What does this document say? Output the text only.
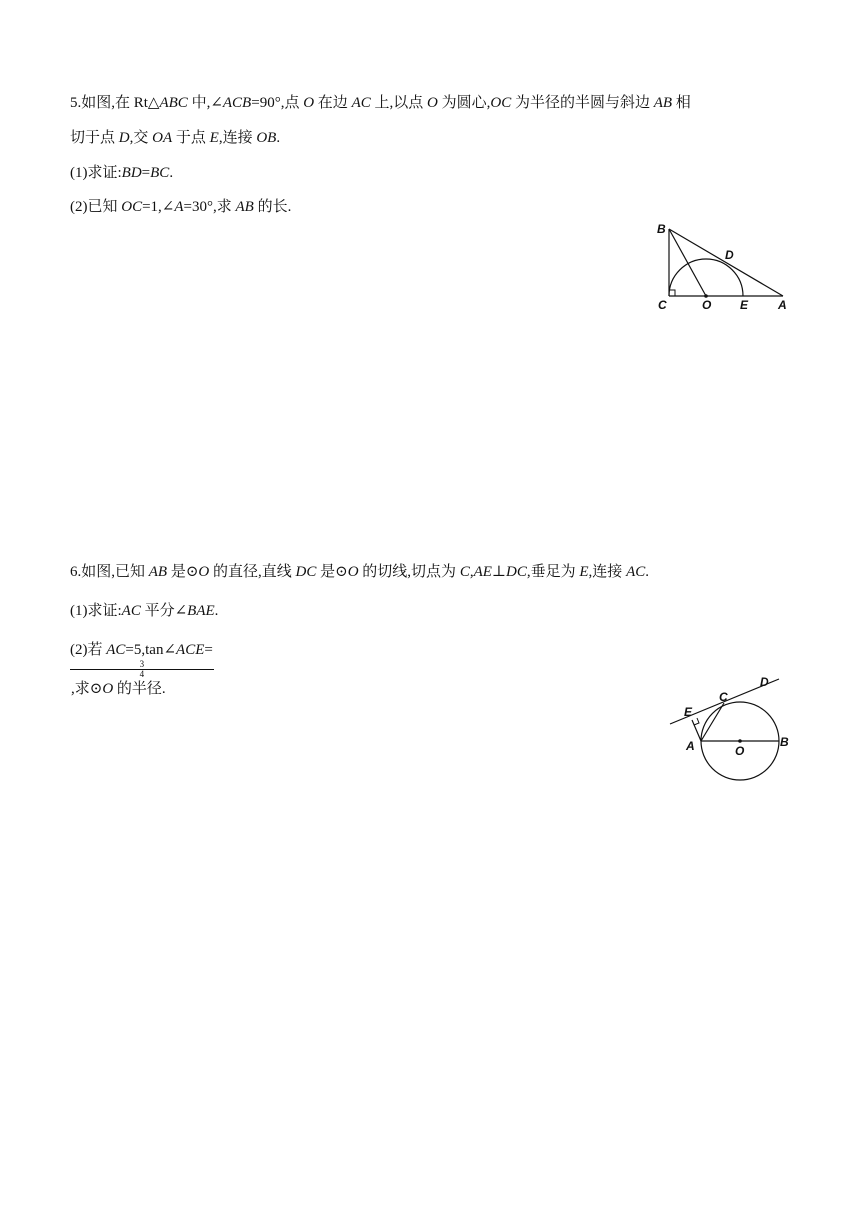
5.如图,在 Rt△ABC 中,∠ACB=90°,点 O 在边 AC 上,以点 O 为圆心,OC 为半径的半圆与斜边 AB 相
切于点 D,交 OA 于点 E,连接 OB.
(1)求证:BD=BC.
(2)已知 OC=1,∠A=30°,求 AB 的长.
B
D
C	O E A
6.如图,已知 AB 是⊙O 的直径,直线 DC 是⊙O 的切线,切点为 C,AE⊥DC,垂足为 E,连接 AC.
(1)求证:AC 平分∠BAE.
(2)若 AC=5,tan∠ACE=
3
4
,求⊙O 的半径.	D
C
E
A	O
B
